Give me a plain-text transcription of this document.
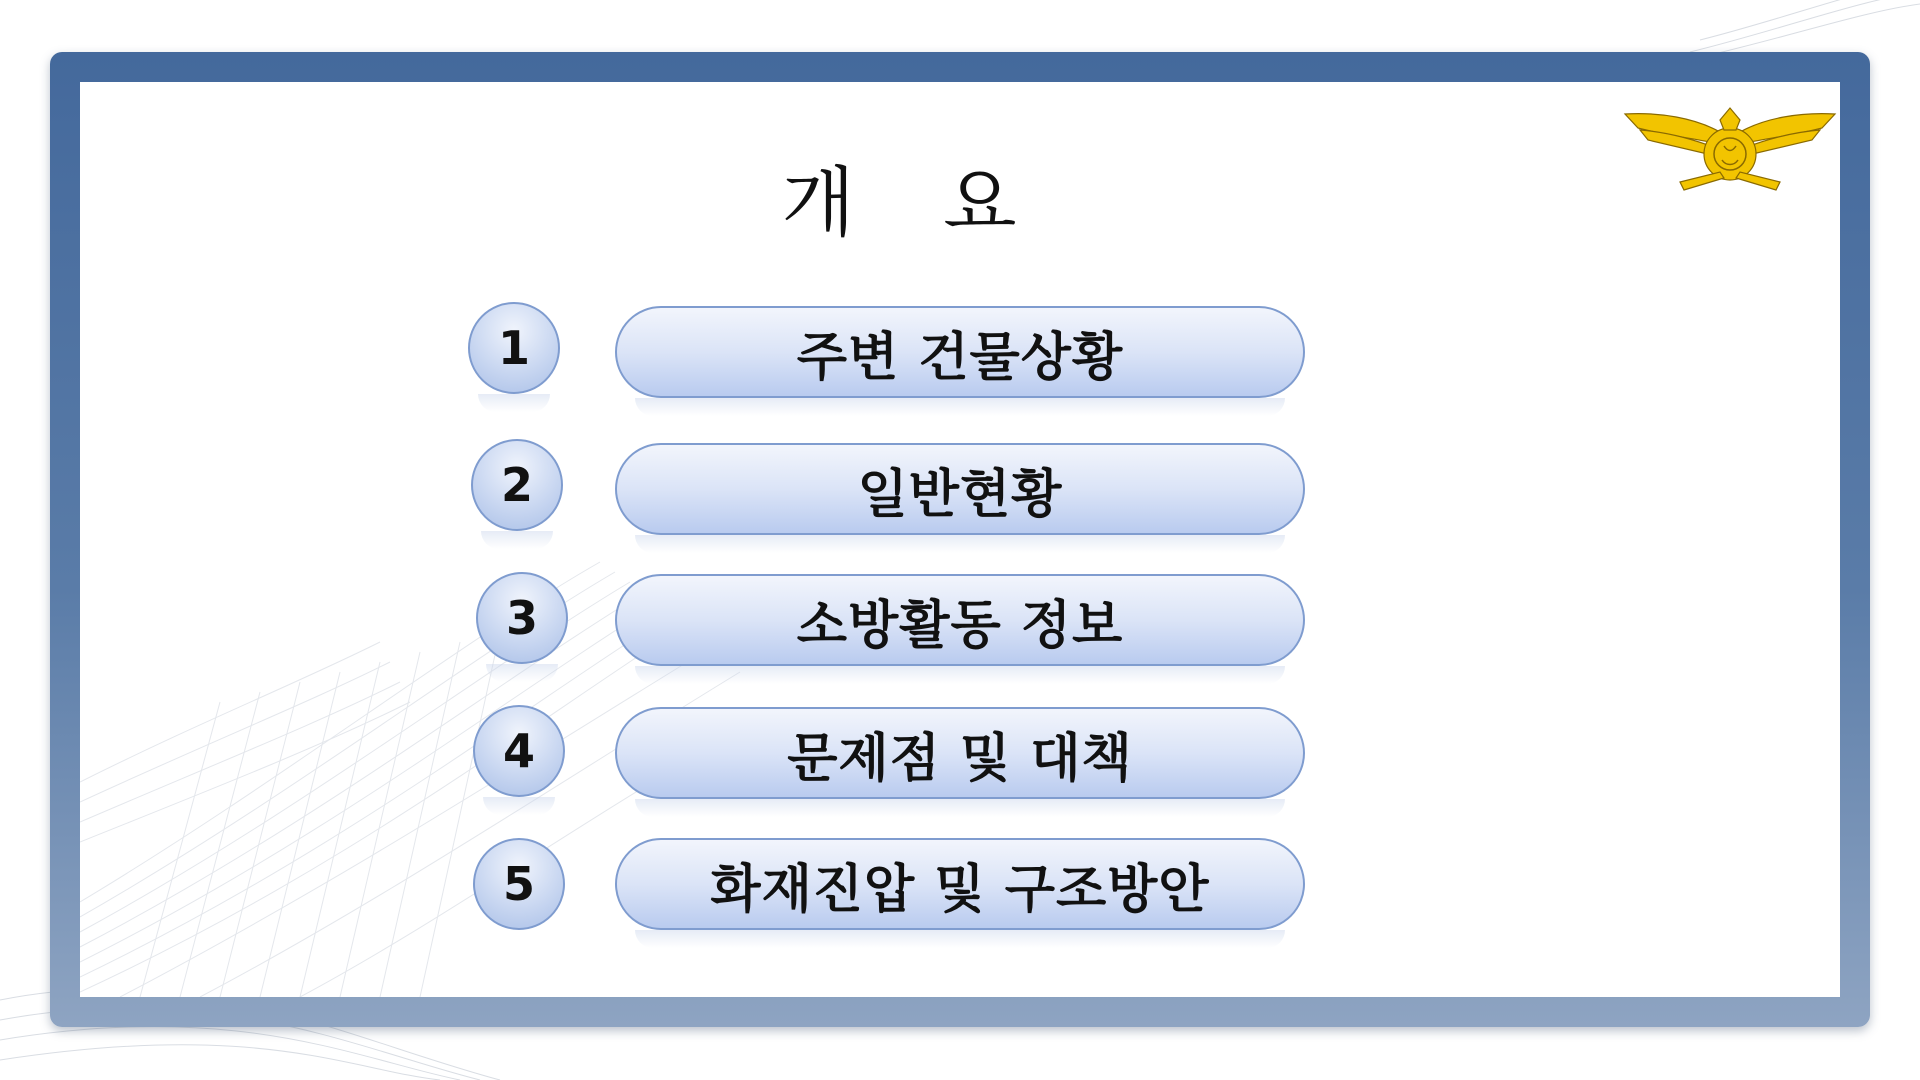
개 요
1	주변 건물상황
2	일반현황
3	소방활동 정보
4	문제점 및 대책
5	화재진압 및 구조방안
